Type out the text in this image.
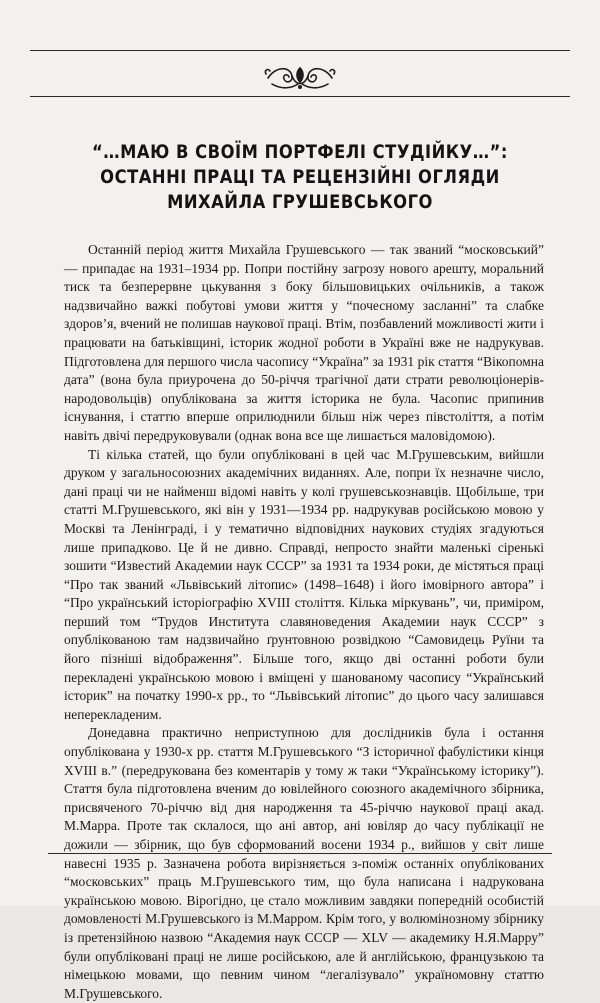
“…МАЮ В СВОЇМ ПОРТФЕЛІ СТУДІЙКУ…”:
ОСТАННІ ПРАЦІ ТА РЕЦЕНЗІЙНІ ОГЛЯДИ
МИХАЙЛА ГРУШЕВСЬКОГО

Останній період життя Михайла Грушевського — так званий “московський” — припадає на 1931–1934 рр. Попри постійну загрозу нового арешту, моральний тиск та безперервне цькування з боку більшовицьких очільників, а також надзвичайно важкі побутові умови життя у “почесному засланні” та слабке здоров’я, вчений не полишав наукової праці. Втім, позбавлений можливості жити і працювати на батьківщині, історик жодної роботи в Україні вже не надрукував. Підготовлена для першого числа часопису “Україна” за 1931 рік стаття “Вікопомна дата” (вона була приурочена до 50-річчя трагічної дати страти революціонерів-народовольців) опублікована за життя історика не була. Часопис припинив існування, і статтю вперше оприлюднили більш ніж через півстоліття, а потім навіть двічі передруковували (однак вона все ще лишається маловідомою).

Ті кілька статей, що були опубліковані в цей час М.Грушевським, вийшли друком у загальносоюзних академічних виданнях. Але, попри їх незначне число, дані праці чи не найменш відомі навіть у колі грушевськознавців. Щобільше, три статті М.Грушевського, які він у 1931—1934 рр. надрукував російською мовою у Москві та Ленінграді, і у тематично відповідних наукових студіях згадуються лише припадково. Це й не дивно. Справді, непросто знайти маленькі сіренькі зошити “Известий Академии наук СССР” за 1931 та 1934 роки, де містяться праці “Про так званий «Львівський літопис» (1498–1648) і його імовірного автора” і “Про український історіографію XVIII століття. Кілька міркувань”, чи, приміром, перший том “Трудов Института славяноведения Академии наук СССР” з опублікованою там надзвичайно ґрунтовною розвідкою “Самовидець Руїни та його пізніші відображення”. Більше того, якщо дві останні роботи були перекладені українською мовою і вміщені у шанованому часопису “Український історик” на початку 1990-х рр., то “Львівський літопис” до цього часу залишався неперекладеним.

Донедавна практично неприступною для дослідників була і остання опублікована у 1930-х рр. стаття М.Грушевського “З історичної фабулістики кінця XVIII в.” (передрукована без коментарів у тому ж таки “Українському історику”). Стаття була підготовлена вченим до ювілейного союзного академічного збірника, присвяченого 70-річчю від дня народження та 45-річчю наукової праці акад. М.Марра. Проте так склалося, що ані автор, ані ювіляр до часу публікації не дожили — збірник, що був сформований восени 1934 р., вийшов у світ лише навесні 1935 р. Зазначена робота вирізняється з-поміж останніх опублікованих “московських” праць М.Грушевського тим, що була написана і надрукована українською мовою. Вірогідно, це стало можливим завдяки попередній особистій домовленості М.Грушевського із М.Марром. Крім того, у волюмінозному збірнику із претензійною назвою “Академия наук СССР — XLV — академику Н.Я.Марру” були опубліковані праці не лише російською, але й англійською, французькою та німецькою мовами, що певним чином “легалізувало” україномовну статтю М.Грушевського.
